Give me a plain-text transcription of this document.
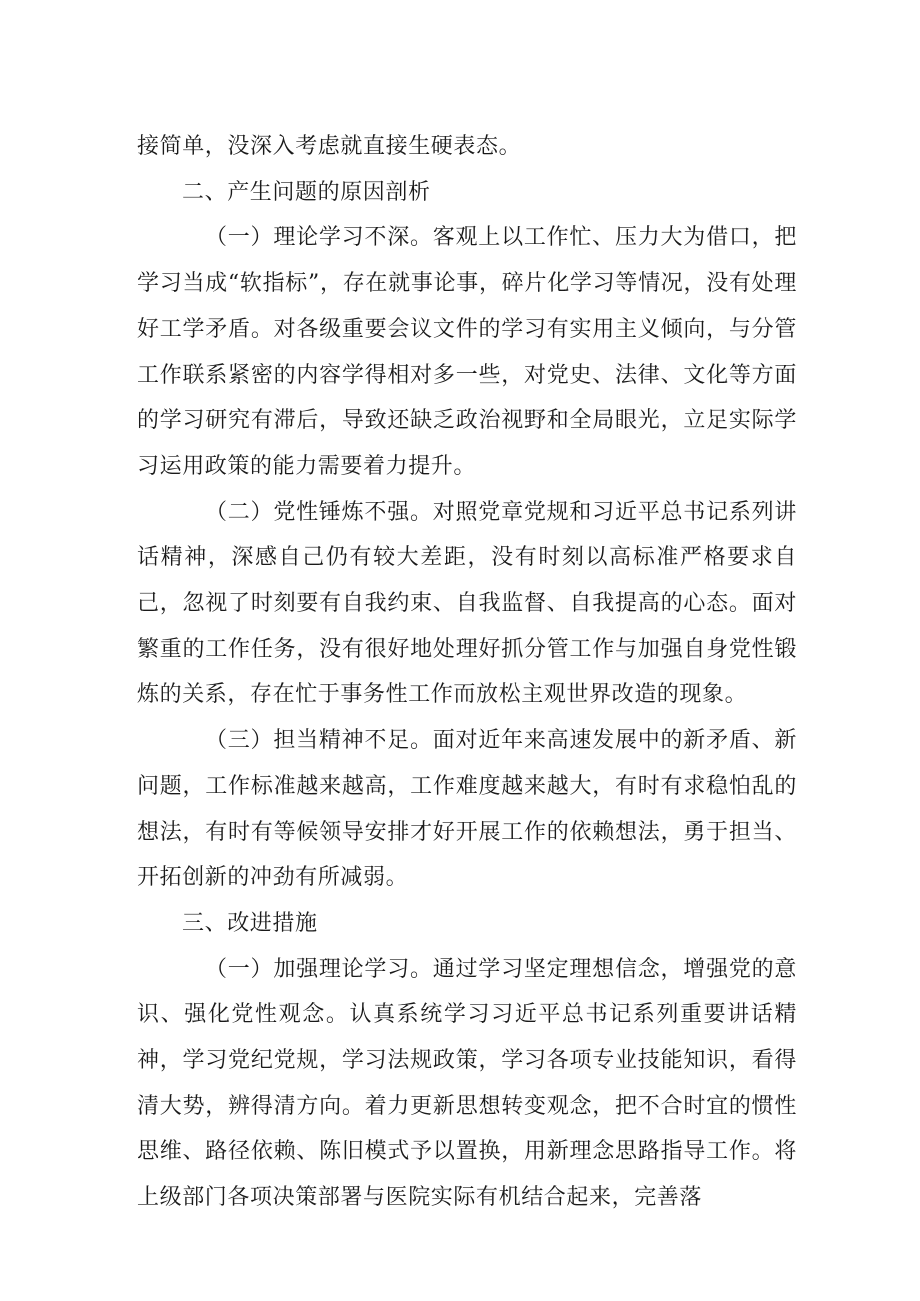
接简单，没深入考虑就直接生硬表态。

二、产生问题的原因剖析

（一）理论学习不深。客观上以工作忙、压力大为借口，把学习当成“软指标”，存在就事论事，碎片化学习等情况，没有处理好工学矛盾。对各级重要会议文件的学习有实用主义倾向，与分管工作联系紧密的内容学得相对多一些，对党史、法律、文化等方面的学习研究有滞后，导致还缺乏政治视野和全局眼光，立足实际学习运用政策的能力需要着力提升。

（二）党性锤炼不强。对照党章党规和习近平总书记系列讲话精神，深感自己仍有较大差距，没有时刻以高标准严格要求自己，忽视了时刻要有自我约束、自我监督、自我提高的心态。面对繁重的工作任务，没有很好地处理好抓分管工作与加强自身党性锻炼的关系，存在忙于事务性工作而放松主观世界改造的现象。

（三）担当精神不足。面对近年来高速发展中的新矛盾、新问题，工作标准越来越高，工作难度越来越大，有时有求稳怕乱的想法，有时有等候领导安排才好开展工作的依赖想法，勇于担当、开拓创新的冲劲有所减弱。

三、改进措施

（一）加强理论学习。通过学习坚定理想信念，增强党的意识、强化党性观念。认真系统学习习近平总书记系列重要讲话精神，学习党纪党规，学习法规政策，学习各项专业技能知识，看得清大势，辨得清方向。着力更新思想转变观念，把不合时宜的惯性思维、路径依赖、陈旧模式予以置换，用新理念思路指导工作。将上级部门各项决策部署与医院实际有机结合起来，完善落
